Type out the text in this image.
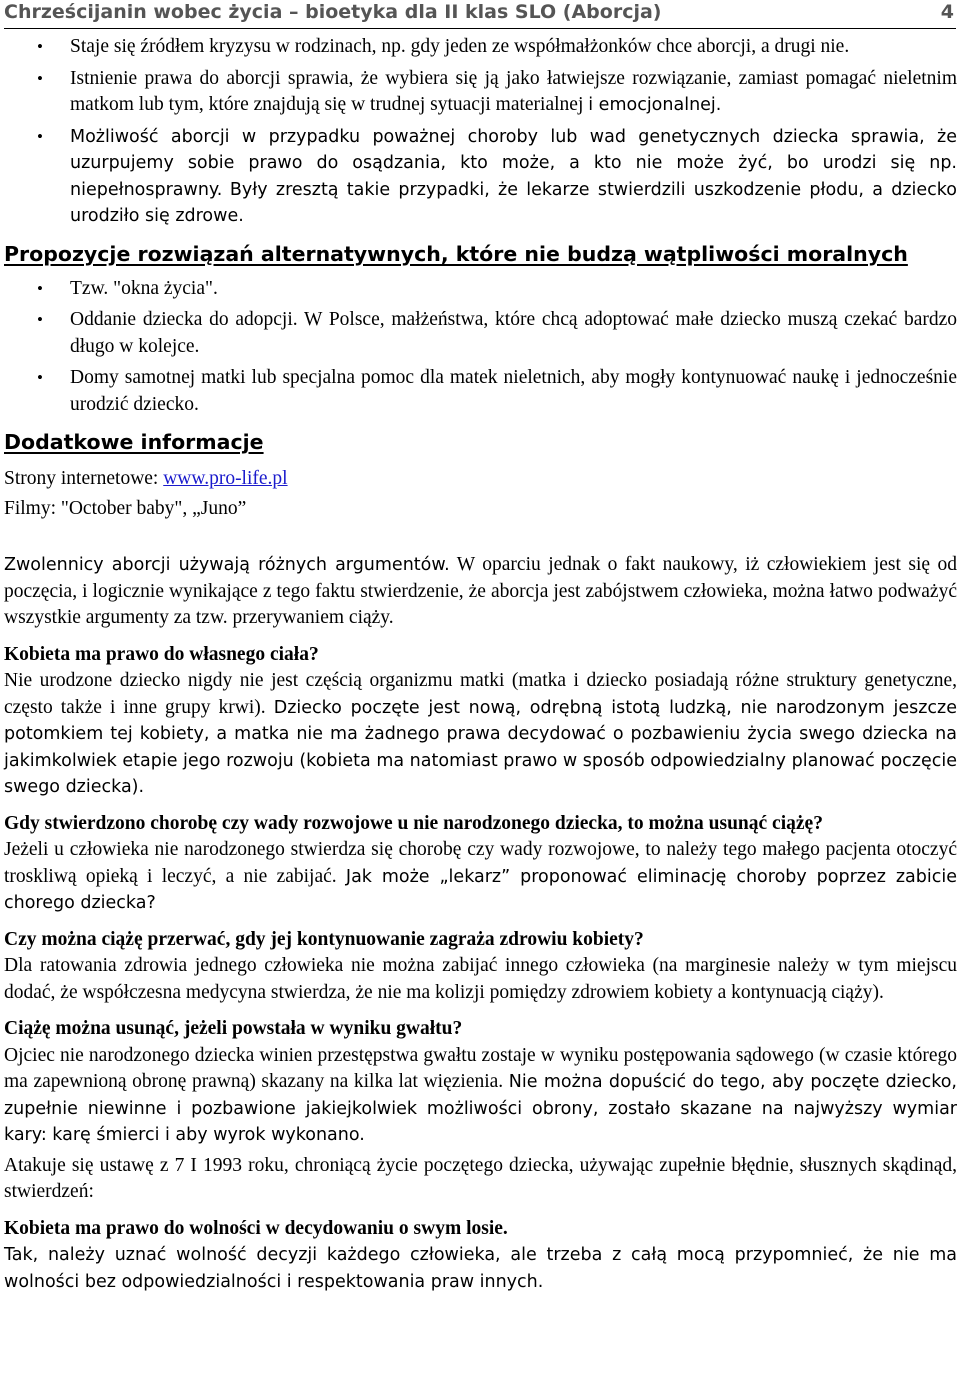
Chrześcijanin wobec życia – bioetyka dla II klas SLO (Aborcja)	4
• Staje się źródłem kryzysu w rodzinach, np. gdy jeden ze współmałżonków chce aborcji, a drugi nie.
• Istnienie prawa do aborcji sprawia, że wybiera się ją jako łatwiejsze rozwiązanie, zamiast pomagać nieletnim matkom lub tym, które znajdują się w trudnej sytuacji materialnej i emocjonalnej.
• Możliwość aborcji w przypadku poważnej choroby lub wad genetycznych dziecka sprawia, że uzurpujemy sobie prawo do osądzania, kto może, a kto nie może żyć, bo urodzi się np. niepełnosprawny. Były zresztą takie przypadki, że lekarze stwierdzili uszkodzenie płodu, a dziecko urodziło się zdrowe.
Propozycje rozwiązań alternatywnych, które nie budzą wątpliwości moralnych
• Tzw. "okna życia".
• Oddanie dziecka do adopcji. W Polsce, małżeństwa, które chcą adoptować małe dziecko muszą czekać bardzo długo w kolejce.
• Domy samotnej matki lub specjalna pomoc dla matek nieletnich, aby mogły kontynuować naukę i jednocześnie urodzić dziecko.
Dodatkowe informacje
Strony internetowe: www.pro-life.pl
Filmy: "October baby", „Juno”

Zwolennicy aborcji używają różnych argumentów. W oparciu jednak o fakt naukowy, iż człowiekiem jest się od poczęcia, i logicznie wynikające z tego faktu stwierdzenie, że aborcja jest zabójstwem człowieka, można łatwo podważyć wszystkie argumenty za tzw. przerywaniem ciąży.

Kobieta ma prawo do własnego ciała?

Nie urodzone dziecko nigdy nie jest częścią organizmu matki (matka i dziecko posiadają różne struktury genetyczne, często także i inne grupy krwi). Dziecko poczęte jest nową, odrębną istotą ludzką, nie narodzonym jeszcze potomkiem tej kobiety, a matka nie ma żadnego prawa decydować o pozbawieniu życia swego dziecka na jakimkolwiek etapie jego rozwoju (kobieta ma natomiast prawo w sposób odpowiedzialny planować poczęcie swego dziecka).

Gdy stwierdzono chorobę czy wady rozwojowe u nie narodzonego dziecka, to można usunąć ciążę?

Jeżeli u człowieka nie narodzonego stwierdza się chorobę czy wady rozwojowe, to należy tego małego pacjenta otoczyć troskliwą opieką i leczyć, a nie zabijać. Jak może „lekarz” proponować eliminację choroby poprzez zabicie chorego dziecka?

Czy można ciążę przerwać, gdy jej kontynuowanie zagraża zdrowiu kobiety?

Dla ratowania zdrowia jednego człowieka nie można zabijać innego człowieka (na marginesie należy w tym miejscu dodać, że współczesna medycyna stwierdza, że nie ma kolizji pomiędzy zdrowiem kobiety a kontynuacją ciąży).

Ciążę można usunąć, jeżeli powstała w wyniku gwałtu?

Ojciec nie narodzonego dziecka winien przestępstwa gwałtu zostaje w wyniku postępowania sądowego (w czasie którego ma zapewnioną obronę prawną) skazany na kilka lat więzienia. Nie można dopuścić do tego, aby poczęte dziecko, zupełnie niewinne i pozbawione jakiejkolwiek możliwości obrony, zostało skazane na najwyższy wymiar kary: karę śmierci i aby wyrok wykonano.

Atakuje się ustawę z 7 I 1993 roku, chroniącą życie poczętego dziecka, używając zupełnie błędnie, słusznych skądinąd, stwierdzeń:

Kobieta ma prawo do wolności w decydowaniu o swym losie.

Tak, należy uznać wolność decyzji każdego człowieka, ale trzeba z całą mocą przypomnieć, że nie ma wolności bez odpowiedzialności i respektowania praw innych.
